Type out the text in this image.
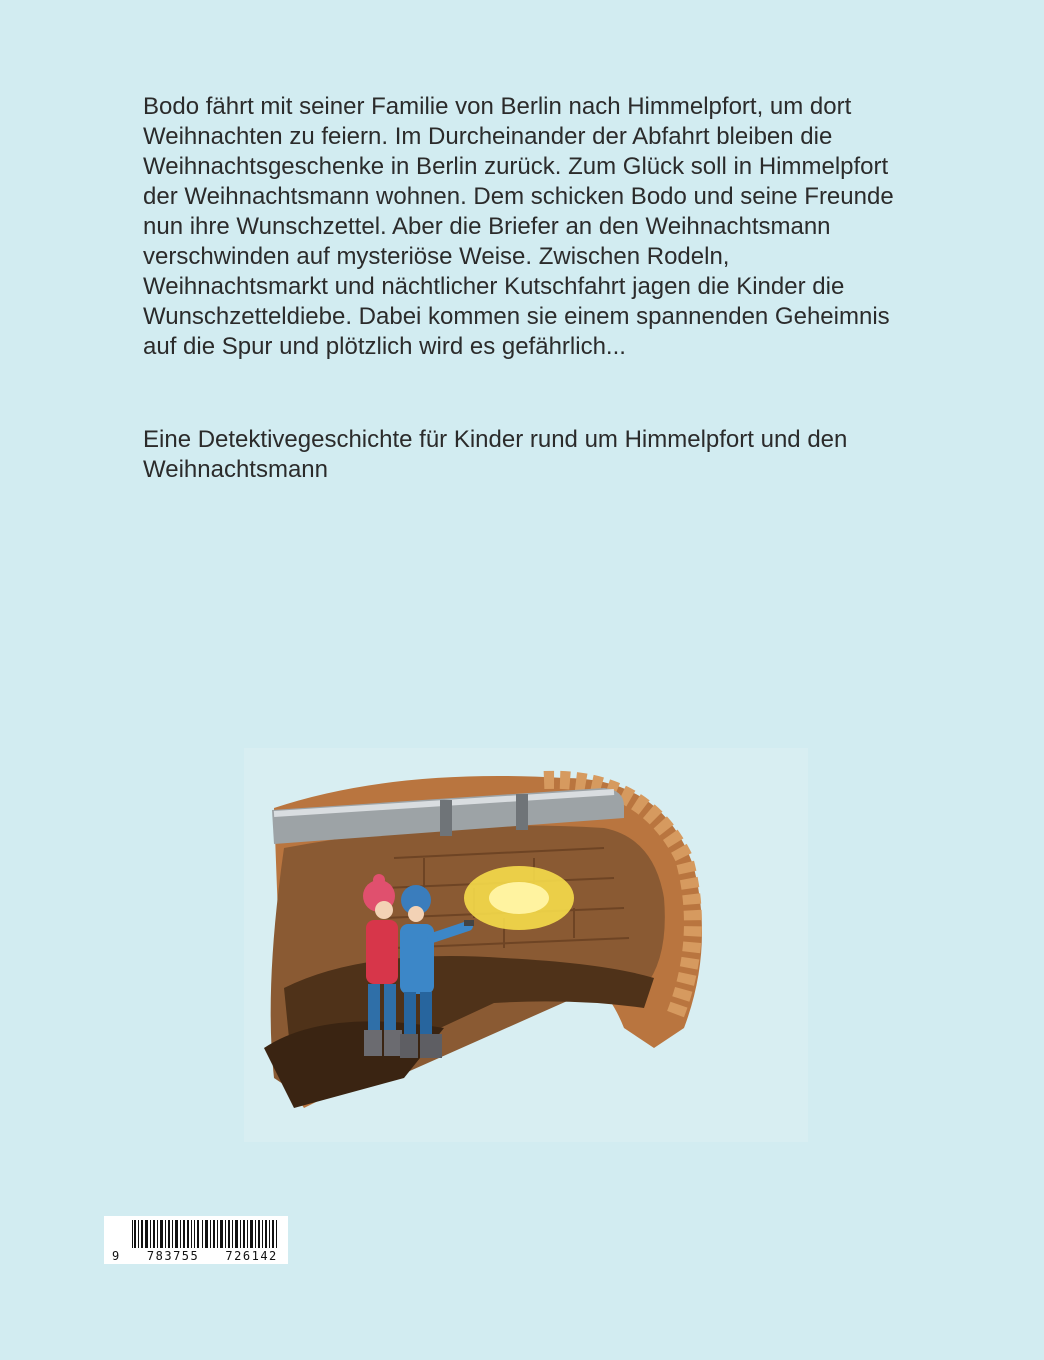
Bodo fährt mit seiner Familie von Berlin nach Himmelpfort, um dort Weihnachten zu feiern. Im Durcheinander der Abfahrt bleiben die Weihnachtsgeschenke in Berlin zurück. Zum Glück soll in Himmelpfort der Weihnachtsmann wohnen. Dem schicken Bodo und seine Freunde nun ihre Wunschzettel. Aber die Briefer an den Weihnachtsmann verschwinden auf mysteriöse Weise. Zwischen Rodeln, Weihnachtsmarkt und nächtlicher Kutschfahrt jagen die Kinder die Wunschzetteldiebe. Dabei kommen sie einem spannenden Geheimnis auf die Spur und plötzlich wird es gefährlich...

Eine Detektivegeschichte für Kinder rund um Himmelpfort und den Weihnachtsmann

9   783755   726142
